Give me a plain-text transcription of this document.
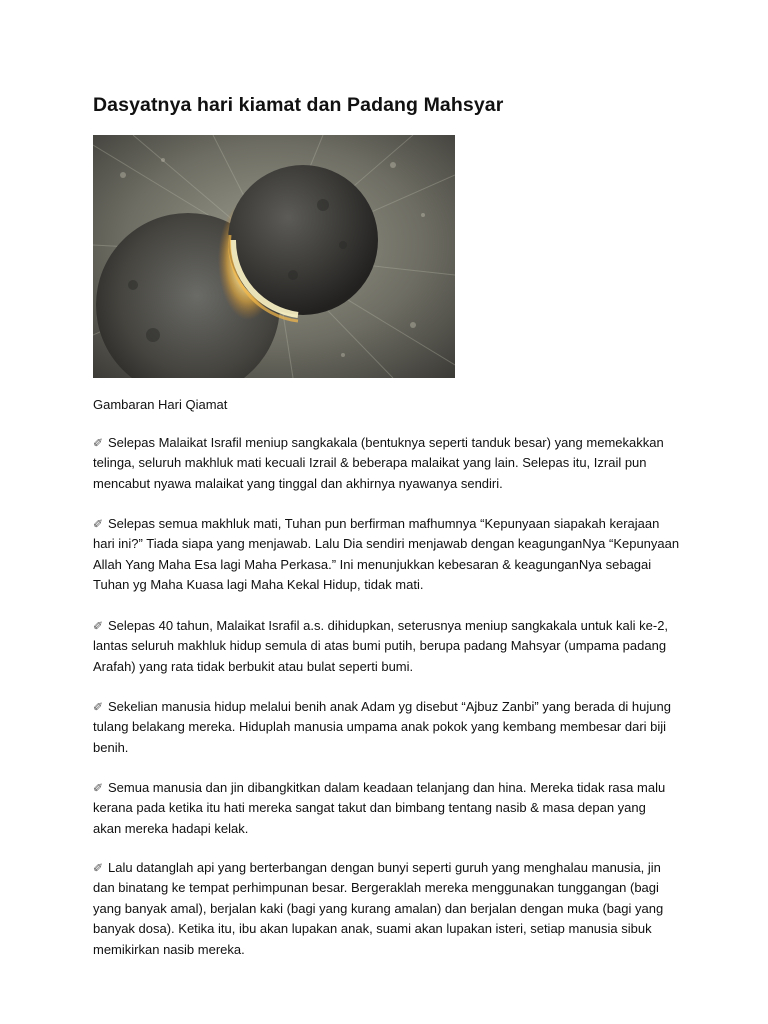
Dasyatnya hari kiamat dan Padang Mahsyar
Gambaran Hari Qiamat
✐ Selepas Malaikat Israfil meniup sangkakala (bentuknya seperti tanduk besar) yang memekakkan
telinga, seluruh makhluk mati kecuali Izrail & beberapa malaikat yang lain. Selepas itu, Izrail pun
mencabut nyawa malaikat yang tinggal dan akhirnya nyawanya sendiri.
✐ Selepas semua makhluk mati, Tuhan pun berfirman mafhumnya “Kepunyaan siapakah kerajaan
hari ini?” Tiada siapa yang menjawab. Lalu Dia sendiri menjawab dengan keagunganNya “Kepunyaan
Allah Yang Maha Esa lagi Maha Perkasa.” Ini menunjukkan kebesaran & keagunganNya sebagai
Tuhan yg Maha Kuasa lagi Maha Kekal Hidup, tidak mati.
✐ Selepas 40 tahun, Malaikat Israfil a.s. dihidupkan, seterusnya meniup sangkakala untuk kali ke-2,
lantas seluruh makhluk hidup semula di atas bumi putih, berupa padang Mahsyar (umpama padang
Arafah) yang rata tidak berbukit atau bulat seperti bumi.
✐ Sekelian manusia hidup melalui benih anak Adam yg disebut “Ajbuz Zanbi” yang berada di hujung
tulang belakang mereka. Hiduplah manusia umpama anak pokok yang kembang membesar dari biji
benih.
✐ Semua manusia dan jin dibangkitkan dalam keadaan telanjang dan hina. Mereka tidak rasa malu
kerana pada ketika itu hati mereka sangat takut dan bimbang tentang nasib & masa depan yang
akan mereka hadapi kelak.
✐ Lalu datanglah api yang berterbangan dengan bunyi seperti guruh yang menghalau manusia, jin
dan binatang ke tempat perhimpunan besar. Bergeraklah mereka menggunakan tunggangan (bagi
yang banyak amal), berjalan kaki (bagi yang kurang amalan) dan berjalan dengan muka (bagi yang
banyak dosa). Ketika itu, ibu akan lupakan anak, suami akan lupakan isteri, setiap manusia sibuk
memikirkan nasib mereka.
